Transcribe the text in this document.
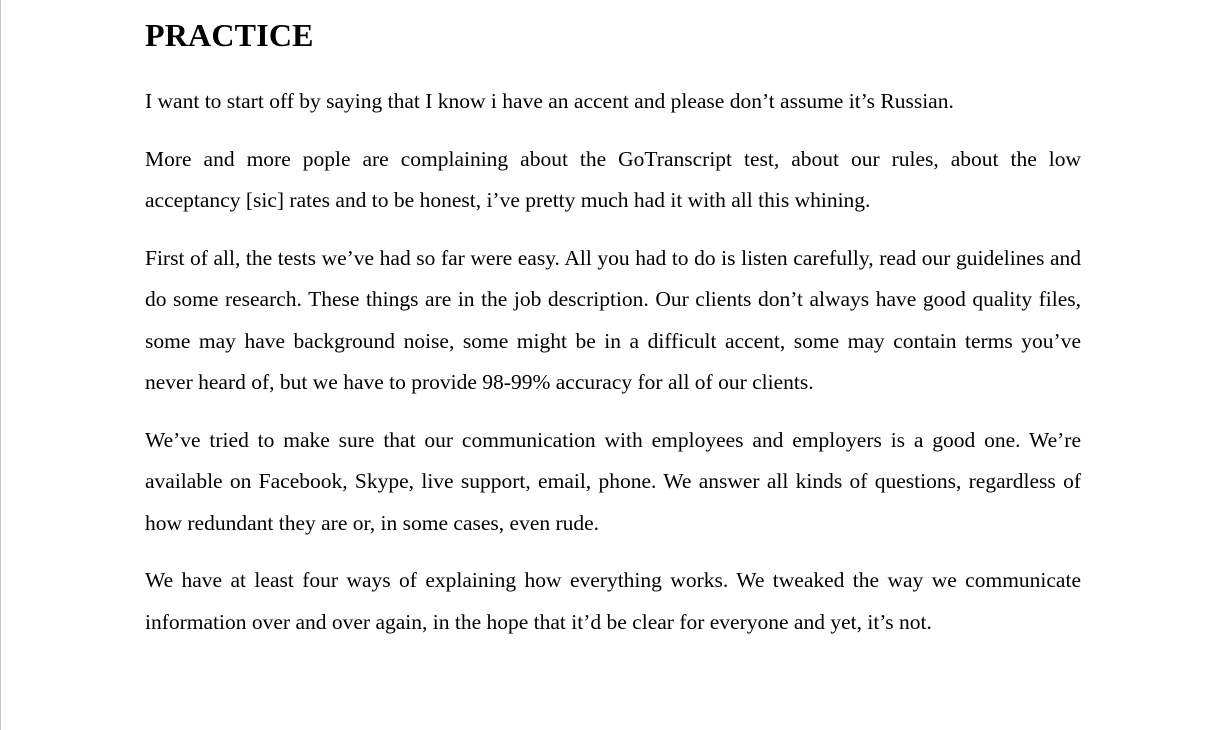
PRACTICE

I want to start off by saying that I know i have an accent and please don’t assume it’s Russian.

More and more pople are complaining about the GoTranscript test, about our rules, about the low acceptancy [sic] rates and to be honest, i’ve pretty much had it with all this whining.

First of all, the tests we’ve had so far were easy. All you had to do is listen carefully, read our guidelines and do some research. These things are in the job description. Our clients don’t always have good quality files, some may have background noise, some might be in a difficult accent, some may contain terms you’ve never heard of, but we have to provide 98-99% accuracy for all of our clients.

We’ve tried to make sure that our communication with employees and employers is a good one. We’re available on Facebook, Skype, live support, email, phone. We answer all kinds of questions, regardless of how redundant they are or, in some cases, even rude.

We have at least four ways of explaining how everything works. We tweaked the way we communicate information over and over again, in the hope that it’d be clear for everyone and yet, it’s not.
